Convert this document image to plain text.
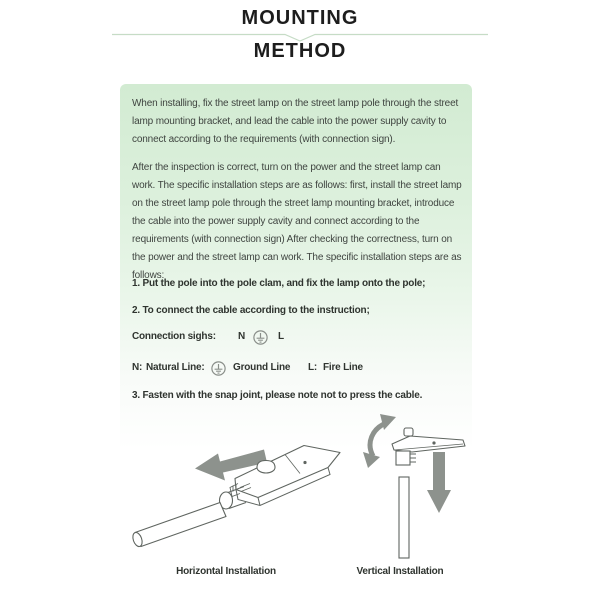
MOUNTING
METHOD
When installing, fix the street lamp on the street lamp pole through the street lamp mounting bracket, and lead the cable into the power supply cavity to connect according to the requirements (with connection sign).
After the inspection is correct, turn on the power and the street lamp can work. The specific installation steps are as follows: first, install the street lamp on the street lamp pole through the street lamp mounting bracket, introduce the cable into the power supply cavity and connect according to the requirements (with connection sign) After checking the correctness, turn on the power and the street lamp can work. The specific installation steps are as follows:
1. Put the pole into the pole clam, and fix the lamp onto the pole;
2. To connect the cable according to the instruction;
Connection sighs: N	L
N: Natural Line:	Ground Line L: Fire Line
3. Fasten with the snap joint, please note not to press the cable.
Horizontal Installation	Vertical Installation
